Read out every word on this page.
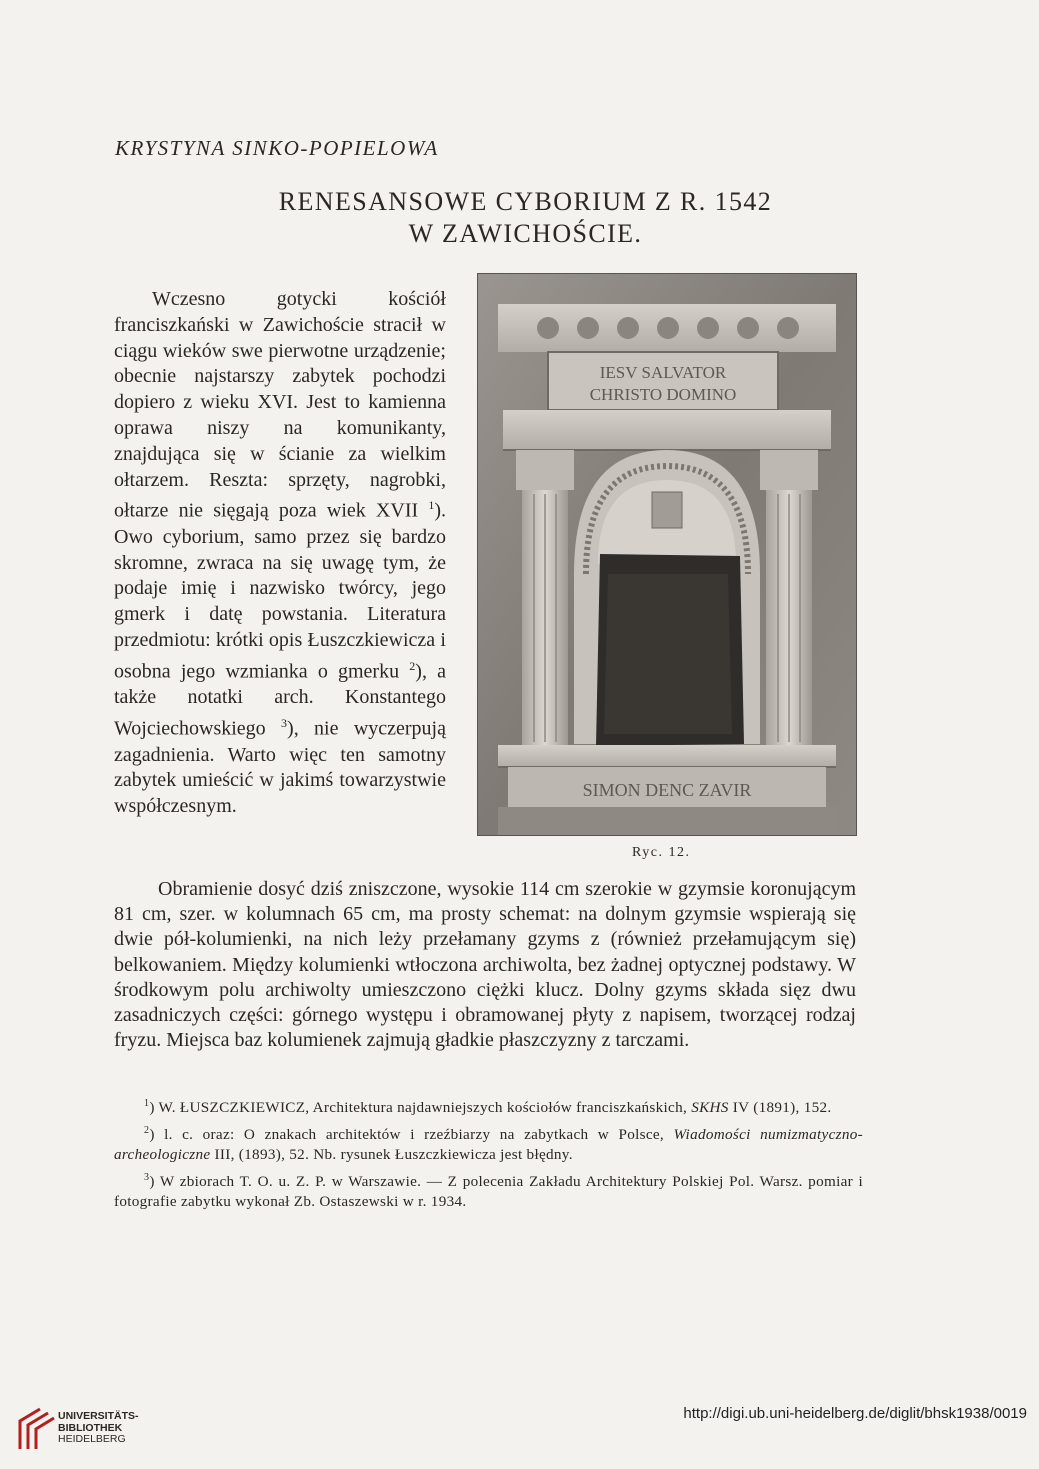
KRYSTYNA SINKO-POPIELOWA
RENESANSOWE CYBORIUM Z R. 1542
W ZAWICHOŚCIE.

Wczesno gotycki kościół franciszkański w Zawichoście stracił w ciągu wieków swe pierwotne urządzenie; obecnie najstarszy zabytek pochodzi dopiero z wieku XVI. Jest to kamienna oprawa niszy na komunikanty, znajdująca się w ścianie za wielkim ołtarzem. Reszta: sprzęty, nagrobki, ołtarze nie sięgają poza wiek XVII $^1$). Owo cyborium, samo przez się bardzo skromne, zwraca na się uwagę tym, że podaje imię i nazwisko twórcy, jego gmerk i datę powstania. Literatura przedmiotu: krótki opis Łuszczkiewicza i osobna jego wzmianka o gmerku $^2$), a także notatki arch. Konstantego Wojciechowskiego $^3$), nie wyczerpują zagadnienia. Warto więc ten samotny zabytek umieścić w jakimś towarzystwie współczesnym.

IESV SALVATOR
CHRISTO DOMINO
SIMON DENC ZAVIR
Ryc. 12.

Obramienie dosyć dziś zniszczone, wysokie 114 cm szerokie w gzymsie koronującym 81 cm, szer. w kolumnach 65 cm, ma prosty schemat: na dolnym gzymsie wspierają się dwie pół-kolumienki, na nich leży przełamany gzyms z (również przełamującym się) belkowaniem. Między kolumienki wtłoczona archiwolta, bez żadnej optycznej podstawy. W środkowym polu archiwolty umieszczono ciężki klucz. Dolny gzyms składa sięz dwu zasadniczych części: górnego występu i obramowanej płyty z napisem, tworzącej rodzaj fryzu. Miejsca baz kolumienek zajmują gładkie płaszczyzny z tarczami.

$^1$) W. ŁUSZCZKIEWICZ, Architektura najdawniejszych kościołów franciszkańskich, SKHS IV (1891), 152.

$^2$) l. c. oraz: O znakach architektów i rzeźbiarzy na zabytkach w Polsce, Wiadomości numizmatyczno-archeologiczne III, (1893), 52. Nb. rysunek Łuszczkiewicza jest błędny.

$^3$) W zbiorach T. O. u. Z. P. w Warszawie. — Z polecenia Zakładu Architektury Polskiej Pol. Warsz. pomiar i fotografie zabytku wykonał Zb. Ostaszewski w r. 1934.

UNIVERSITÄTS-
BIBLIOTHEK
HEIDELBERG
http://digi.ub.uni-heidelberg.de/diglit/bhsk1938/0019
